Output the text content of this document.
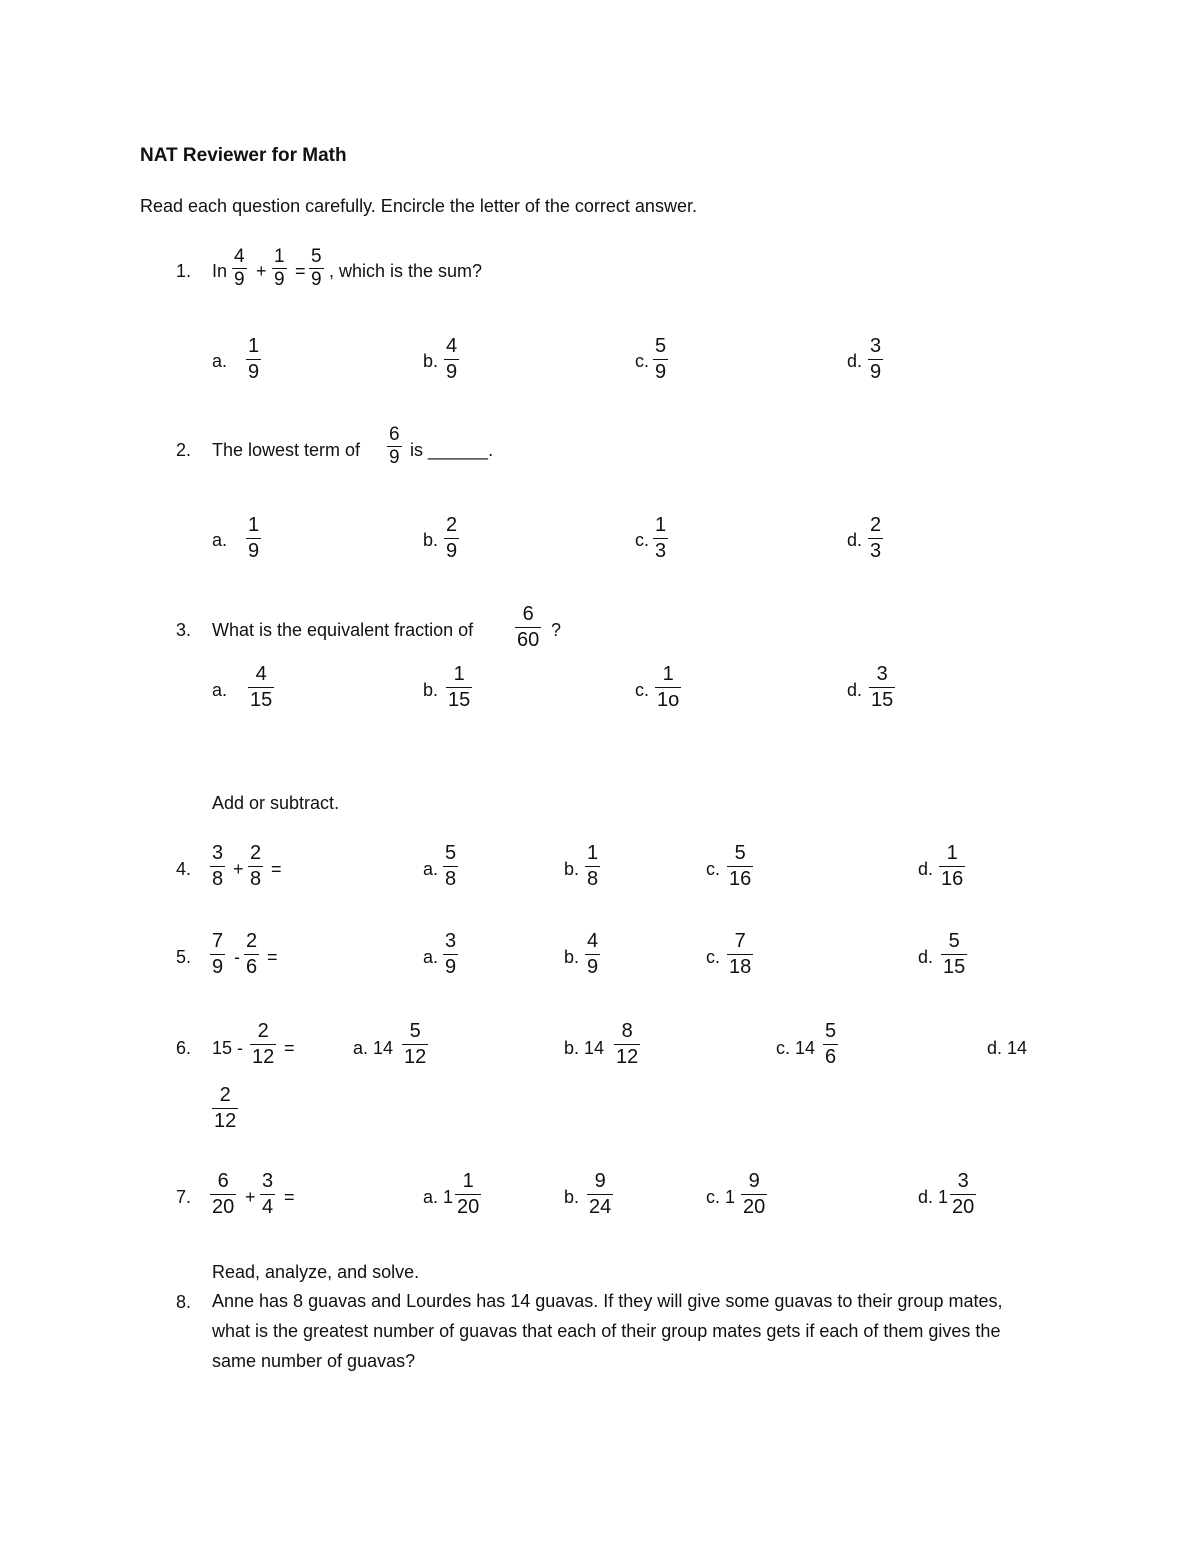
NAT Reviewer for Math
Read each question carefully. Encircle the letter of the correct answer.
1. In
4
9 +
1
9 =
5
9 , which is the sum?
a.
1
9	b.
4
9	c.
5
9	d.
3
9
2. The lowest term of
6
9 is ______.
a.
1
9	b.
2
9	c.
1
3	d.
2
3
3. What is the equivalent fraction of
6
60 ?
a.
4
15	b.
1
15	c.
1
1o	d.
3
15
Add or subtract.
4.
3
8 +
2
8 =	a.
5
8	b.
1
8	c.
5
16	d.
1
16
5.
7
9 -
2
6 =	a.
3
9	b.
4
9	c.
7
18	d.
5
15
6. 15 -
2
12 =	a. 14
5
12	b. 14
8
12	c. 14
5
6	d. 14
2
12
7.
6
20 +
3
4 =	a. 1
1
20	b.
9
24	c. 1
9
20	d. 1
3
20
Read, analyze, and solve.
8. Anne has 8 guavas and Lourdes has 14 guavas. If they will give some guavas to their group mates, what is the greatest number of guavas that each of their group mates gets if each of them gives the same number of guavas?
